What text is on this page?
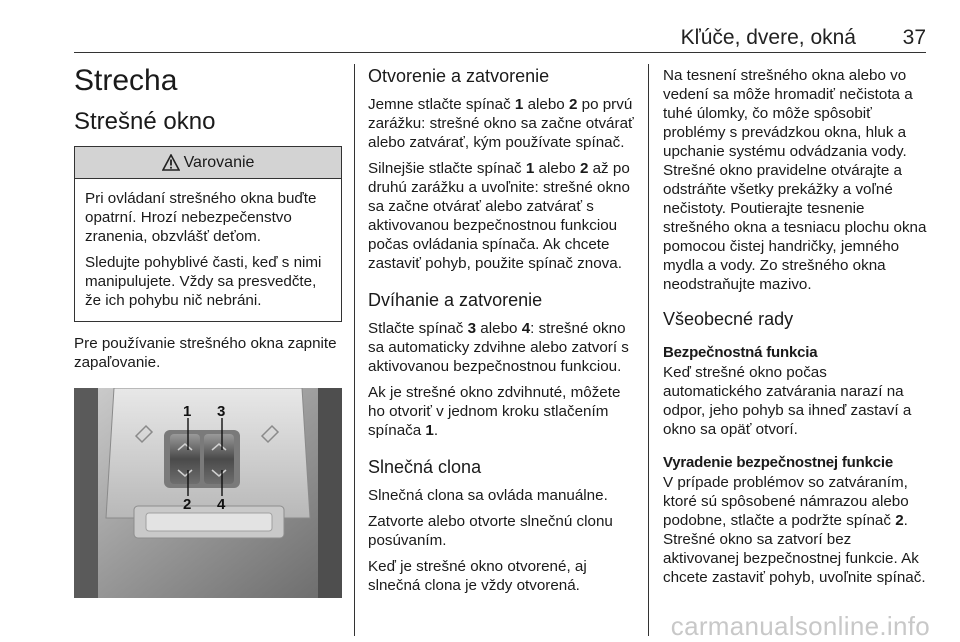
Kľúče, dvere, okná 37
Strecha
Strešné okno
Varovanie

Pri ovládaní strešného okna buďte opatrní. Hrozí nebezpečenstvo zranenia, obzvlášť deťom.

Sledujte pohyblivé časti, keď s nimi manipulujete. Vždy sa presvedčte, že ich pohybu nič nebráni.

Pre používanie strešného okna zapnite zapaľovanie.

1 3
2 4
Otvorenie a zatvorenie

Jemne stlačte spínač 1 alebo 2 po prvú zarážku: strešné okno sa začne otvárať alebo zatvárať, kým používate spínač.

Silnejšie stlačte spínač 1 alebo 2 až po druhú zarážku a uvoľnite: strešné okno sa začne otvárať alebo zatvárať s aktivovanou bezpečnostnou funkciou počas ovládania spínača. Ak chcete zastaviť pohyb, použite spínač znova.

Dvíhanie a zatvorenie

Stlačte spínač 3 alebo 4: strešné okno sa automaticky zdvihne alebo zatvorí s aktivovanou bezpečnostnou funkciou.

Ak je strešné okno zdvihnuté, môžete ho otvoriť v jednom kroku stlačením spínača 1.

Slnečná clona

Slnečná clona sa ovláda manuálne.

Zatvorte alebo otvorte slnečnú clonu posúvaním.

Keď je strešné okno otvorené, aj slnečná clona je vždy otvorená.

Na tesnení strešného okna alebo vo vedení sa môže hromadiť nečistota a tuhé úlomky, čo môže spôsobiť problémy s prevádzkou okna, hluk a upchanie systému odvádzania vody. Strešné okno pravidelne otvárajte a odstráňte všetky prekážky a voľné nečistoty. Poutierajte tesnenie strešného okna a tesniacu plochu okna pomocou čistej handričky, jemného mydla a vody. Zo strešného okna neodstraňujte mazivo.

Všeobecné rady
Bezpečnostná funkcia

Keď strešné okno počas automatického zatvárania narazí na odpor, jeho pohyb sa ihneď zastaví a okno sa opäť otvorí.

Vyradenie bezpečnostnej funkcie

V prípade problémov so zatváraním, ktoré sú spôsobené námrazou alebo podobne, stlačte a podržte spínač 2. Strešné okno sa zatvorí bez aktivovanej bezpečnostnej funkcie. Ak chcete zastaviť pohyb, uvoľnite spínač.

carmanualsonline.info
